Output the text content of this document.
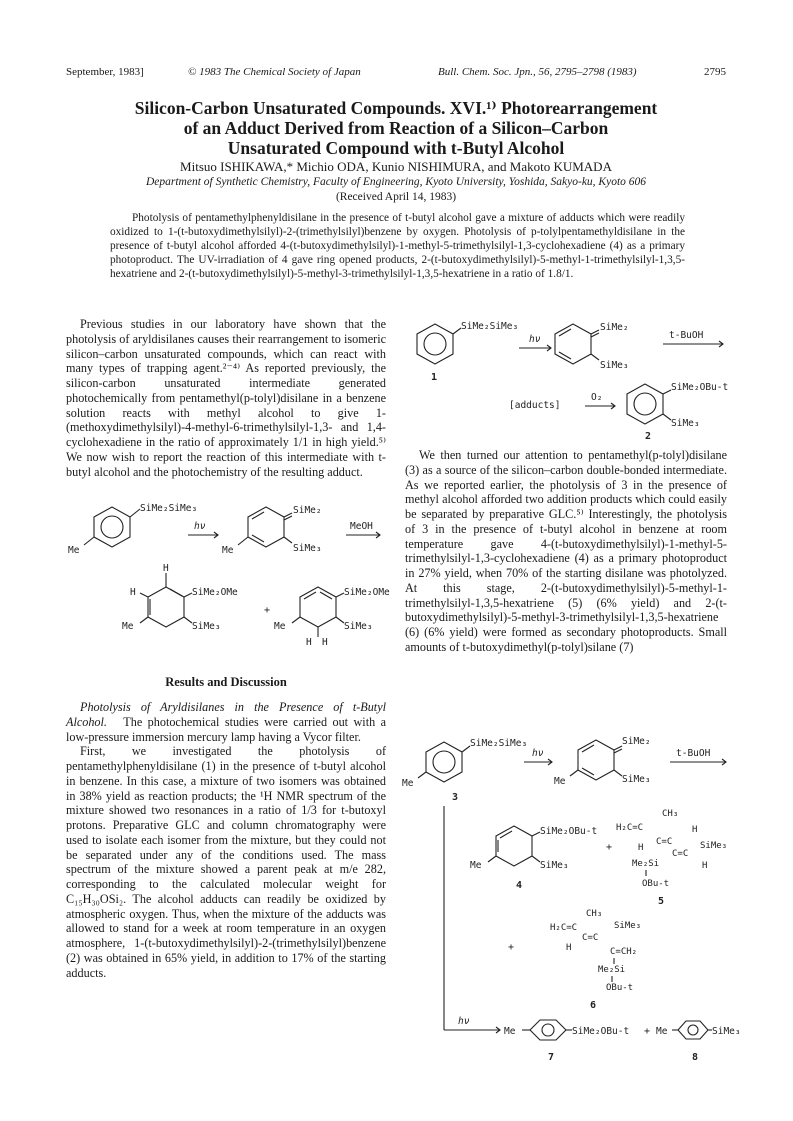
September, 1983]	© 1983 The Chemical Society of Japan	Bull. Chem. Soc. Jpn., 56, 2795–2798 (1983)	2795
Silicon-Carbon Unsaturated Compounds. XVI.¹⁾ Photorearrangement
of an Adduct Derived from Reaction of a Silicon–Carbon
Unsaturated Compound with t-Butyl Alcohol
Mitsuo ISHIKAWA,* Michio ODA, Kunio NISHIMURA, and Makoto KUMADA
Department of Synthetic Chemistry, Faculty of Engineering, Kyoto University, Yoshida, Sakyo-ku, Kyoto 606
(Received April 14, 1983)

Photolysis of pentamethylphenyldisilane in the presence of t-butyl alcohol gave a mixture of adducts which were readily oxidized to 1-(t-butoxydimethylsilyl)-2-(trimethylsilyl)benzene by oxygen. Photolysis of p-tolylpentamethyldisilane in the presence of t-butyl alcohol afforded 4-(t-butoxydimethylsilyl)-1-methyl-5-trimethylsilyl-1,3-cyclohexadiene (4) as a primary photoproduct. The UV-irradiation of 4 gave ring opened products, 2-(t-butoxydimethylsilyl)-5-methyl-1-trimethylsilyl-1,3,5-hexatriene and 2-(t-butoxydimethylsilyl)-5-methyl-3-trimethylsilyl-1,3,5-hexatriene in a ratio of 1.8/1.

Previous studies in our laboratory have shown that the photolysis of aryldisilanes causes their rearrangement to isomeric silicon–carbon unsaturated compounds, which can react with many types of trapping agent.²⁻⁴⁾ As reported previously, the silicon-carbon unsaturated intermediate generated photochemically from pentamethyl(p-tolyl)disilane in a benzene solution reacts with methyl alcohol to give 1-(methoxydimethylsilyl)-4-methyl-6-trimethylsilyl-1,3- and 1,4-cyclohexadiene in the ratio of approximately 1/1 in high yield.⁵⁾ We now wish to report the reaction of this intermediate with t-butyl alcohol and the photochemistry of the resulting adduct.

SiMe₂SiMe₃
Me
hν
SiMe₂
SiMe₃
Me
MeOH
H
H	SiMe₂OMe
SiMe₃
Me
+
SiMe₂OMe
SiMe₃
Me
H H

Results and Discussion

Photolysis of Aryldisilanes in the Presence of t-Butyl Alcohol. The photochemical studies were carried out with a low-pressure immersion mercury lamp having a Vycor filter.

First, we investigated the photolysis of pentamethylphenyldisilane (1) in the presence of t-butyl alcohol in benzene. In this case, a mixture of two isomers was obtained in 38% yield as reaction products; the ¹H NMR spectrum of the mixture showed two resonances in a ratio of 1/3 for t-butoxyl protons. Preparative GLC and column chromatography were used to isolate each isomer from the mixture, but they could not be separated under any of the conditions used. The mass spectrum of the mixture showed a parent peak at m/e 282, corresponding to the calculated molecular weight for C₁₅H₃₀OSi₂. The alcohol adducts can readily be oxidized by atmospheric oxygen. Thus, when the mixture of the adducts was allowed to stand for a week at room temperature in an oxygen atmosphere, 1-(t-butoxydimethylsilyl)-2-(trimethylsilyl)benzene (2) was obtained in 65% yield, in addition to 17% of the starting adducts.

SiMe₂SiMe₃
1
hν
SiMe₂
SiMe₃
t-BuOH
[adducts]
O₂
SiMe₂OBu-t
SiMe₃
2

We then turned our attention to pentamethyl(p-tolyl)disilane (3) as a source of the silicon–carbon double-bonded intermediate. As we reported earlier, the photolysis of 3 in the presence of methyl alcohol afforded two addition products which could easily be separated by preparative GLC.⁵⁾ Interestingly, the photolysis of 3 in the presence of t-butyl alcohol in benzene at room temperature gave 4-(t-butoxydimethylsilyl)-1-methyl-5-trimethylsilyl-1,3-cyclohexadiene (4) as a primary photoproduct in 27% yield, when 70% of the starting disilane was photolyzed. At this stage, 2-(t-butoxydimethylsilyl)-5-methyl-1-trimethylsilyl-1,3,5-hexatriene (5) (6% yield) and 2-(t-butoxydimethylsilyl)-5-methyl-3-trimethylsilyl-1,3,5-hexatriene (6) (6% yield) were formed as secondary photoproducts. Small amounts of t-butoxydimethyl(p-tolyl)silane (7)

SiMe₂SiMe₃
Me
3
hν
SiMe₂
SiMe₃
Me
t-BuOH
SiMe₂OBu-t
SiMe₃
Me
4
+
CH₃
H₂C=C	H
C=C
H
C=C
SiMe₃
Me₂Si	H
OBu-t
5
+
CH₃
H₂C=C	SiMe₃
C=C
H	C=CH₂
Me₂Si
OBu-t
6
hν
Me	SiMe₂OBu-t
7
+ Me
8
SiMe₃
